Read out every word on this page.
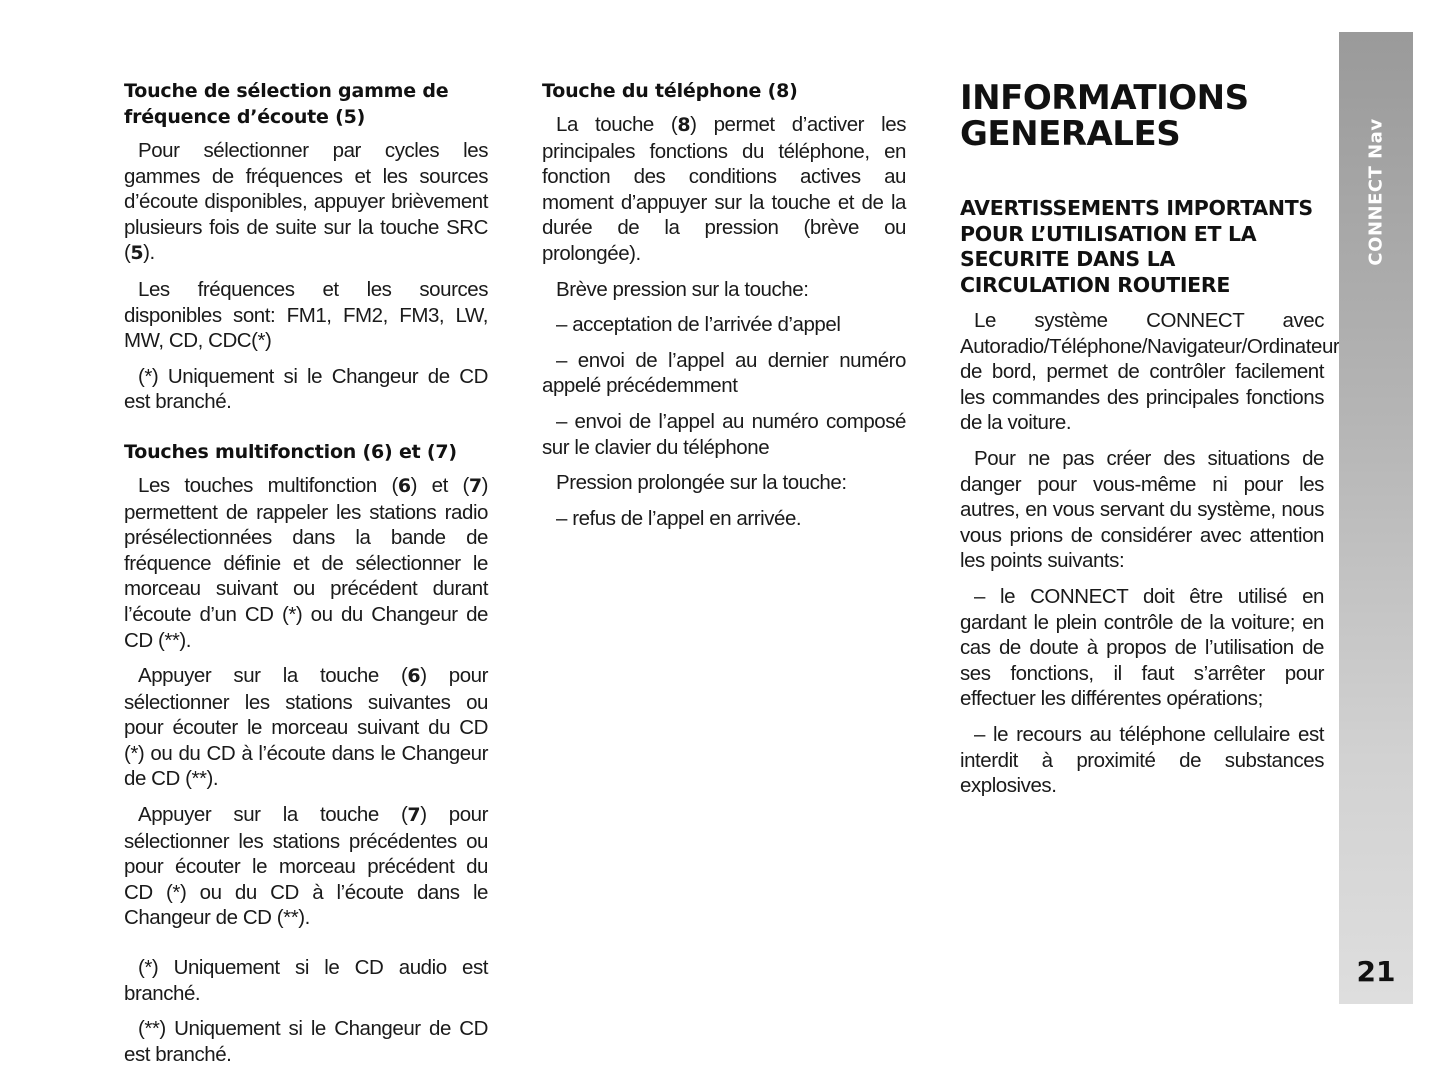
Touche de sélection gamme de fréquence d’écoute (5)

Pour sélectionner par cycles les gammes de fréquences et les sources d’écoute disponibles, appuyer brièvement plusieurs fois de suite sur la touche SRC (5).

Les fréquences et les sources disponibles sont: FM1, FM2, FM3, LW, MW, CD, CDC(*)

(*) Uniquement si le Changeur de CD est branché.

Touches multifonction (6) et (7)

Les touches multifonction (6) et (7) permettent de rappeler les stations radio présélectionnées dans la bande de fréquence définie et de sélectionner le morceau suivant ou précédent durant l’écoute d’un CD (*) ou du Changeur de CD (**).

Appuyer sur la touche (6) pour sélectionner les stations suivantes ou pour écouter le morceau suivant du CD (*) ou du CD à l’écoute dans le Changeur de CD (**).

Appuyer sur la touche (7) pour sélectionner les stations précédentes ou pour écouter le morceau précédent du CD (*) ou du CD à l’écoute dans le Changeur de CD (**).

(*) Uniquement si le CD audio est branché.

(**) Uniquement si le Changeur de CD est branché.

Touche du téléphone (8)

La touche (8) permet d’activer les principales fonctions du téléphone, en fonction des conditions actives au moment d’appuyer sur la touche et de la durée de la pression (brève ou prolongée).

Brève pression sur la touche:

– acceptation de l’arrivée d’appel

– envoi de l’appel au dernier numéro appelé précédemment

– envoi de l’appel au numéro composé sur le clavier du téléphone

Pression prolongée sur la touche:

– refus de l’appel en arrivée.

INFORMATIONS GENERALES
AVERTISSEMENTS IMPORTANTS POUR L’UTILISATION ET LA SECURITE DANS LA CIRCULATION ROUTIERE

Le système CONNECT avec Autoradio/Téléphone/Navigateur/Ordinateur de bord, permet de contrôler facilement les commandes des principales fonctions de la voiture.

Pour ne pas créer des situations de danger pour vous-même ni pour les autres, en vous servant du système, nous vous prions de considérer avec attention les points suivants:

– le CONNECT doit être utilisé en gardant le plein contrôle de la voiture; en cas de doute à propos de l’utilisation de ses fonctions, il faut s’arrêter pour effectuer les différentes opérations;

– le recours au téléphone cellulaire est interdit à proximité de substances explosives.

CONNECT Nav
21
